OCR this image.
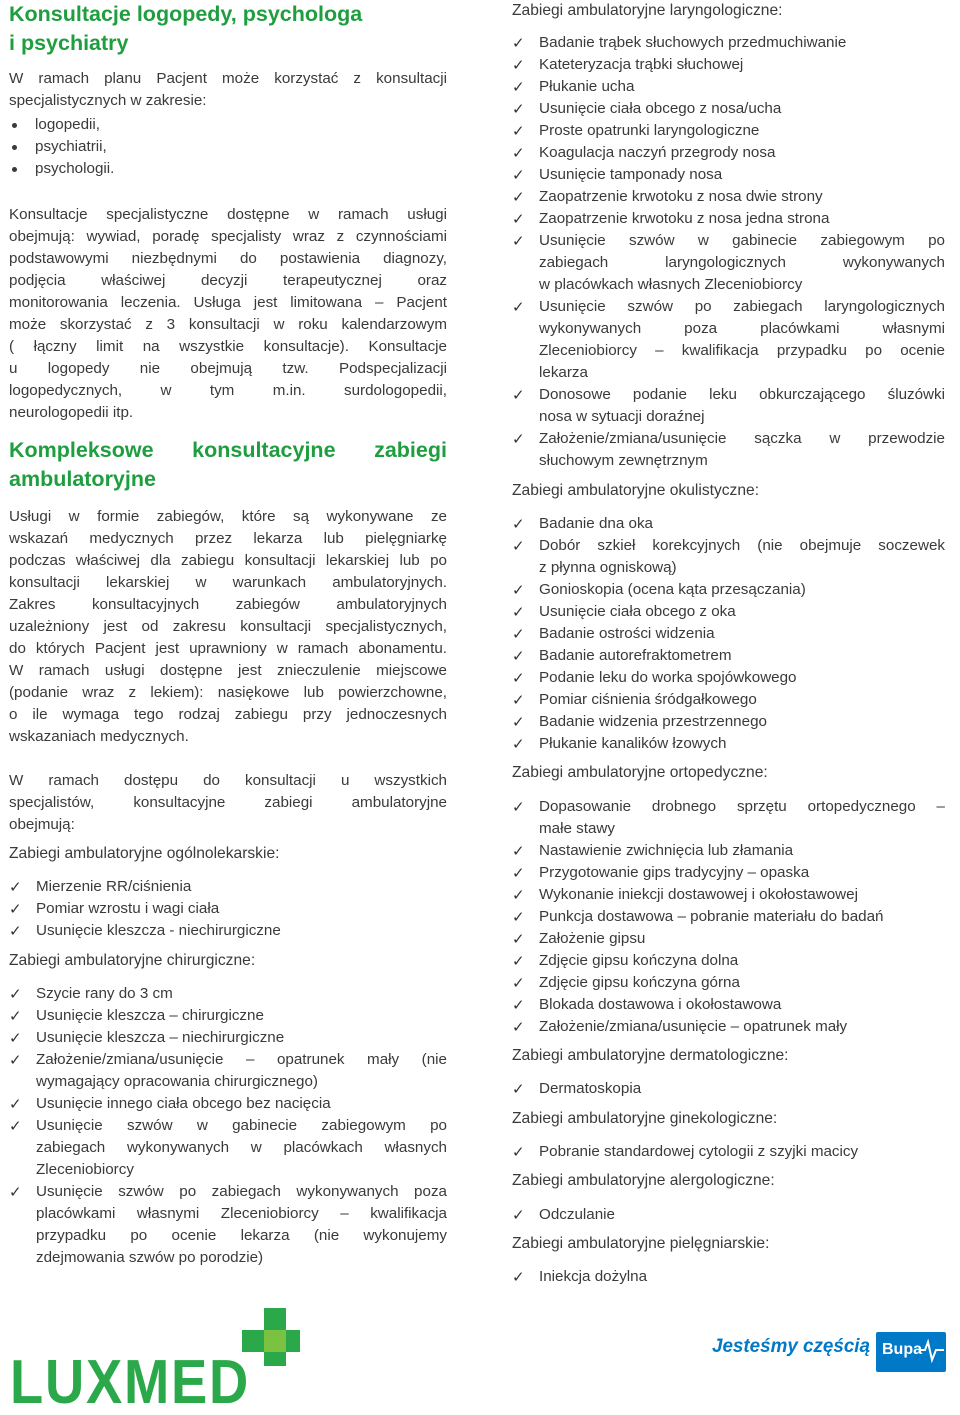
Konsultacje logopedy, psychologa
i psychiatry
W ramach planu Pacjent może korzystać z konsultacji
specjalistycznych w zakresie:
logopedii,
psychiatrii,
psychologii.
Konsultacje specjalistyczne dostępne w ramach usługi
obejmują: wywiad, poradę specjalisty wraz z czynnościami
podstawowymi niezbędnymi do postawienia diagnozy,
podjęcia właściwej decyzji terapeutycznej oraz
monitorowania leczenia. Usługa jest limitowana – Pacjent
może skorzystać z 3 konsultacji w roku kalendarzowym
( łączny limit na wszystkie konsultacje). Konsultacje
u logopedy nie obejmują tzw. Podspecjalizacji
logopedycznych, w tym m.in. surdologopedii,
neurologopedii itp.
Kompleksowe konsultacyjne zabiegi
ambulatoryjne
Usługi w formie zabiegów, które są wykonywane ze
wskazań medycznych przez lekarza lub pielęgniarkę
podczas właściwej dla zabiegu konsultacji lekarskiej lub po
konsultacji lekarskiej w warunkach ambulatoryjnych.
Zakres konsultacyjnych zabiegów ambulatoryjnych
uzależniony jest od zakresu konsultacji specjalistycznych,
do których Pacjent jest uprawniony w ramach abonamentu.
W ramach usługi dostępne jest znieczulenie miejscowe
(podanie wraz z lekiem): nasiękowe lub powierzchowne,
o ile wymaga tego rodzaj zabiegu przy jednoczesnych
wskazaniach medycznych.
W ramach dostępu do konsultacji u wszystkich
specjalistów, konsultacyjne zabiegi ambulatoryjne
obejmują:
Zabiegi ambulatoryjne ogólnolekarskie:
✓ Mierzenie RR/ciśnienia
✓ Pomiar wzrostu i wagi ciała
✓ Usunięcie kleszcza - niechirurgiczne
Zabiegi ambulatoryjne chirurgiczne:
✓ Szycie rany do 3 cm
✓ Usunięcie kleszcza – chirurgiczne
✓ Usunięcie kleszcza – niechirurgiczne
✓ Założenie/zmiana/usunięcie – opatrunek mały (nie
wymagający opracowania chirurgicznego)
✓ Usunięcie innego ciała obcego bez nacięcia
✓ Usunięcie szwów w gabinecie zabiegowym po
zabiegach wykonywanych w placówkach własnych
Zleceniobiorcy
✓ Usunięcie szwów po zabiegach wykonywanych poza
placówkami własnymi Zleceniobiorcy – kwalifikacja
przypadku po ocenie lekarza (nie wykonujemy
zdejmowania szwów po porodzie)
Zabiegi ambulatoryjne laryngologiczne:
✓ Badanie trąbek słuchowych przedmuchiwanie
✓ Kateteryzacja trąbki słuchowej
✓ Płukanie ucha
✓ Usunięcie ciała obcego z nosa/ucha
✓ Proste opatrunki laryngologiczne
✓ Koagulacja naczyń przegrody nosa
✓ Usunięcie tamponady nosa
✓ Zaopatrzenie krwotoku z nosa dwie strony
✓ Zaopatrzenie krwotoku z nosa jedna strona
✓ Usunięcie szwów w gabinecie zabiegowym po
zabiegach laryngologicznych wykonywanych
w placówkach własnych Zleceniobiorcy
✓ Usunięcie szwów po zabiegach laryngologicznych
wykonywanych poza placówkami własnymi
Zleceniobiorcy – kwalifikacja przypadku po ocenie
lekarza
✓ Donosowe podanie leku obkurczającego śluzówki
nosa w sytuacji doraźnej
✓ Założenie/zmiana/usunięcie sączka w przewodzie
słuchowym zewnętrznym
Zabiegi ambulatoryjne okulistyczne:
✓ Badanie dna oka
✓ Dobór szkieł korekcyjnych (nie obejmuje soczewek
z płynna ogniskową)
✓ Gonioskopia (ocena kąta przesączania)
✓ Usunięcie ciała obcego z oka
✓ Badanie ostrości widzenia
✓ Badanie autorefraktometrem
✓ Podanie leku do worka spojówkowego
✓ Pomiar ciśnienia śródgałkowego
✓ Badanie widzenia przestrzennego
✓ Płukanie kanalików łzowych
Zabiegi ambulatoryjne ortopedyczne:
✓ Dopasowanie drobnego sprzętu ortopedycznego –
małe stawy
✓ Nastawienie zwichnięcia lub złamania
✓ Przygotowanie gips tradycyjny – opaska
✓ Wykonanie iniekcji dostawowej i okołostawowej
✓ Punkcja dostawowa – pobranie materiału do badań
✓ Założenie gipsu
✓ Zdjęcie gipsu kończyna dolna
✓ Zdjęcie gipsu kończyna górna
✓ Blokada dostawowa i okołostawowa
✓ Założenie/zmiana/usunięcie – opatrunek mały
Zabiegi ambulatoryjne dermatologiczne:
✓ Dermatoskopia
Zabiegi ambulatoryjne ginekologiczne:
✓ Pobranie standardowej cytologii z szyjki macicy
Zabiegi ambulatoryjne alergologiczne:
✓ Odczulanie
Zabiegi ambulatoryjne pielęgniarskie:
✓ Iniekcja dożylna
LUXMED
Jesteśmy częścią Bupa
